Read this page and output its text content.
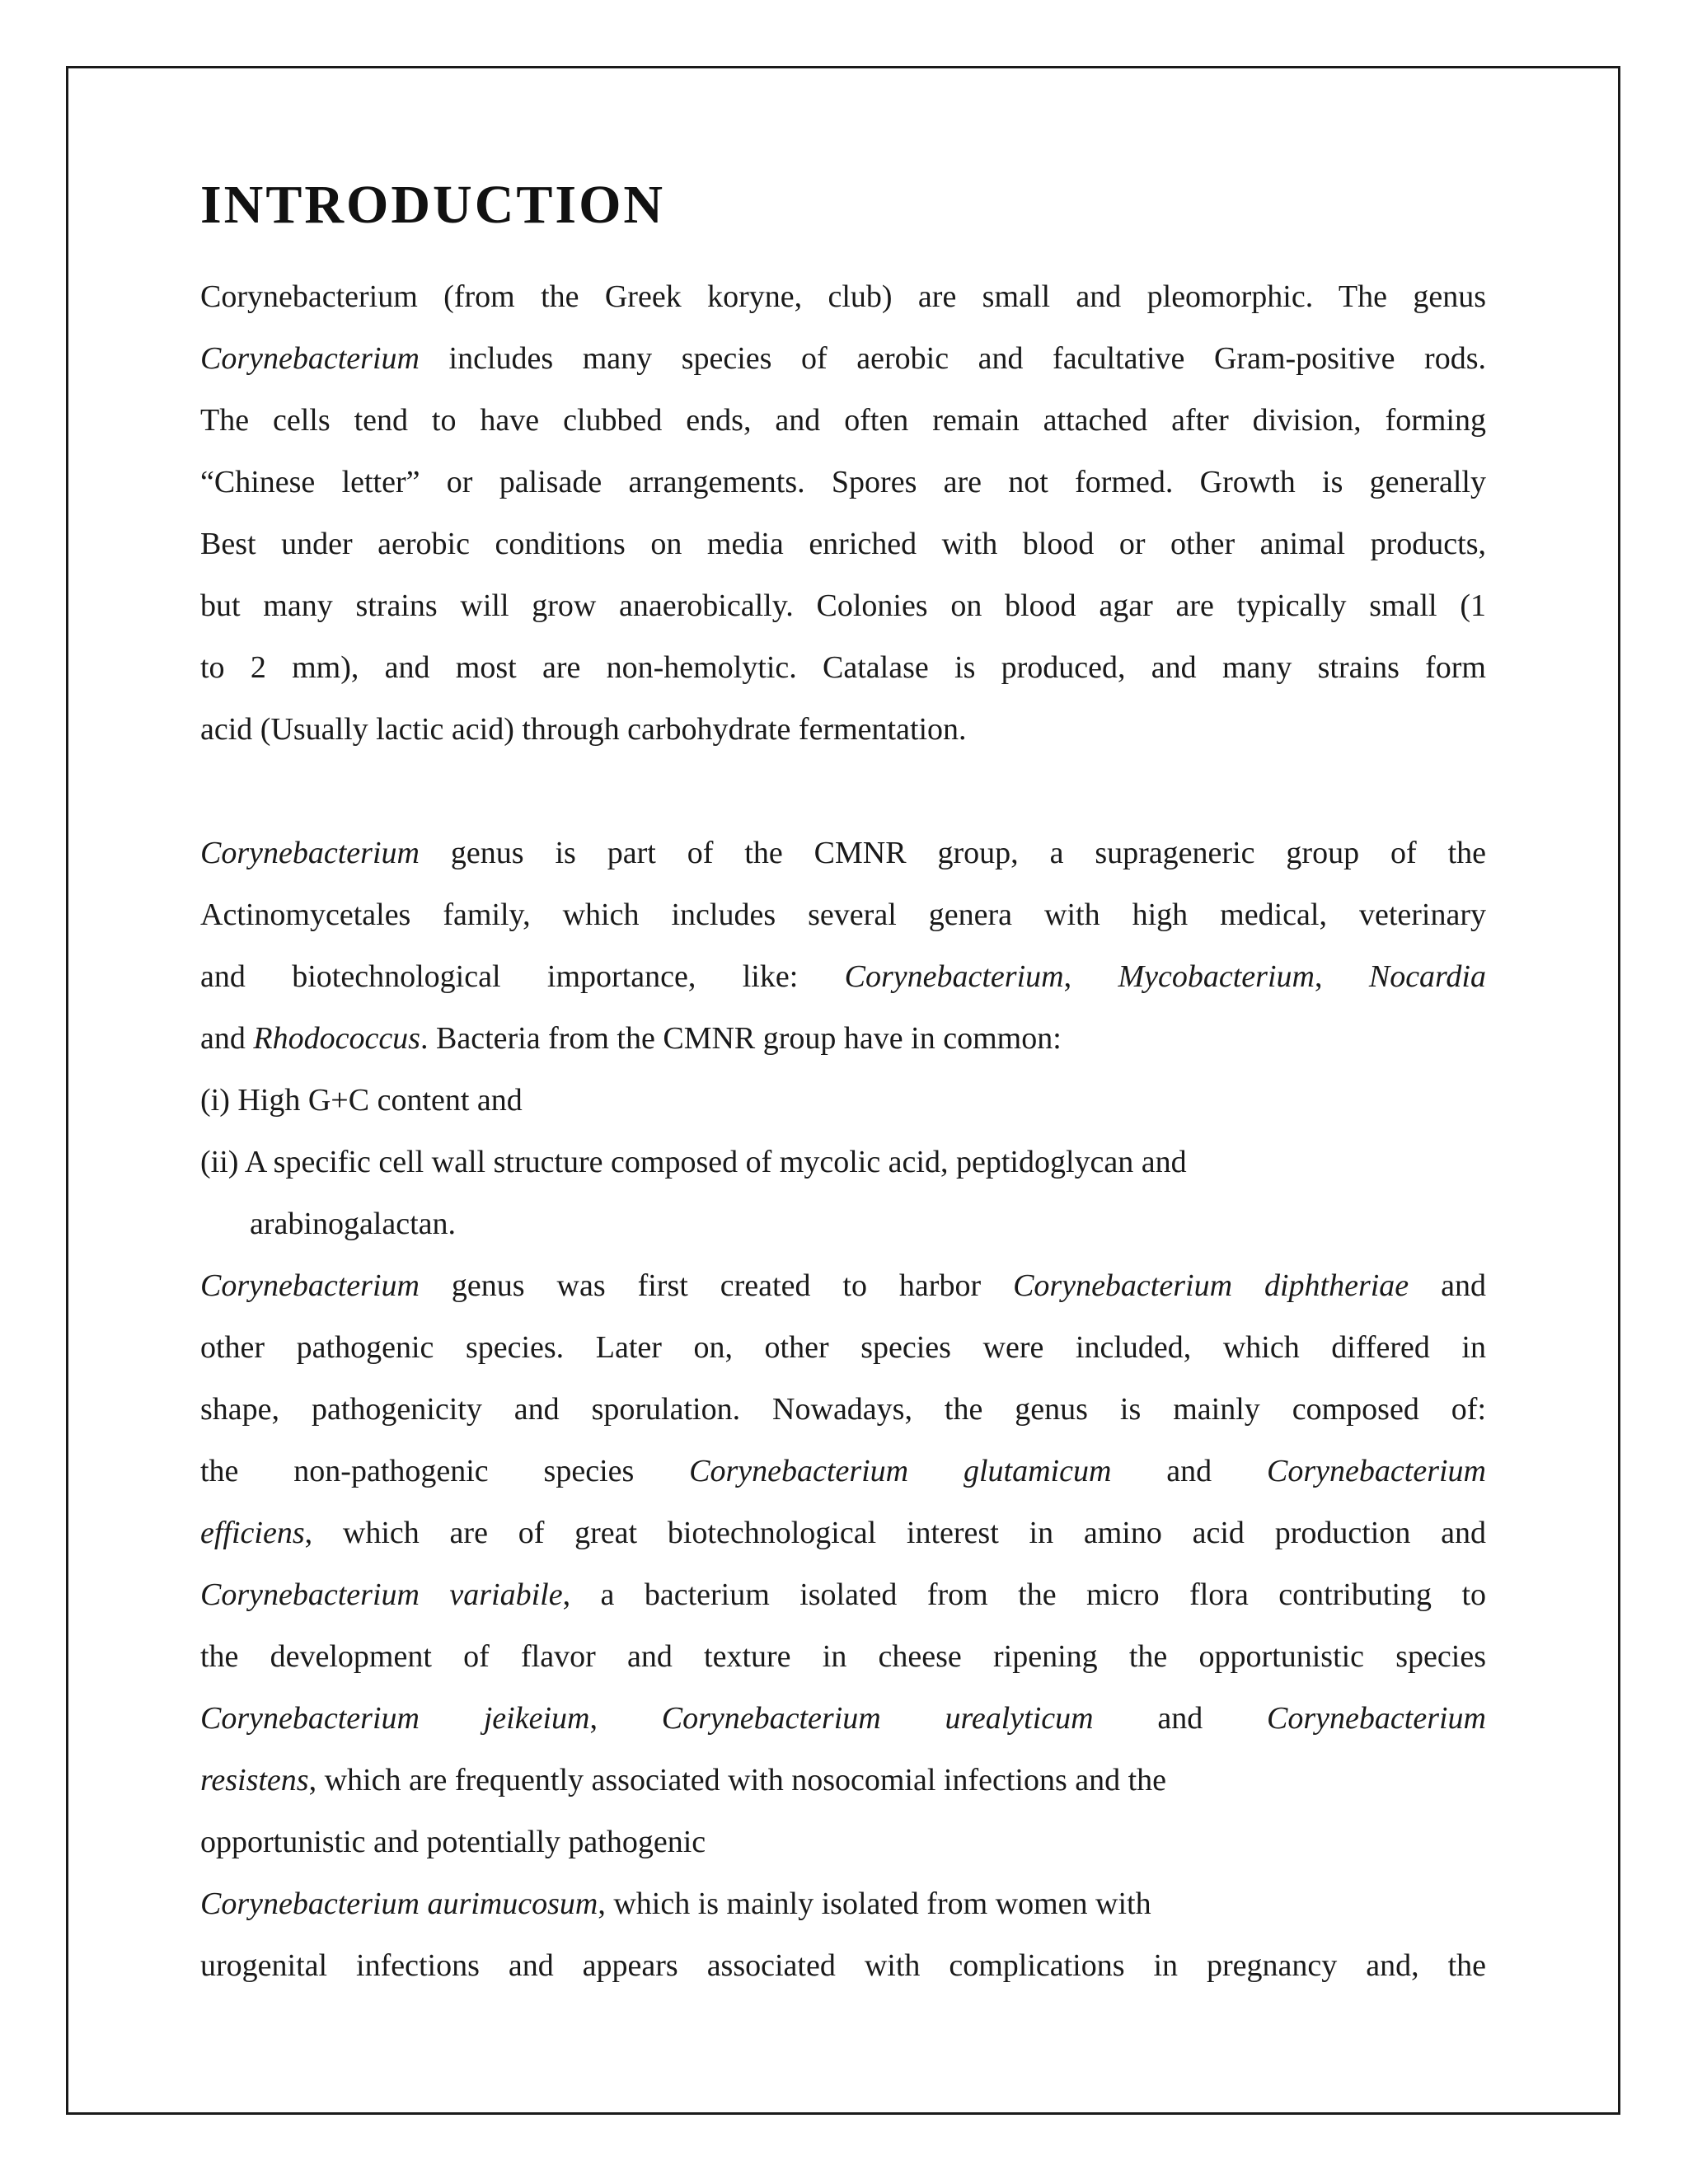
INTRODUCTION
Corynebacterium (from the Greek koryne, club) are small and pleomorphic. The genus
Corynebacterium includes many species of aerobic and facultative Gram-positive rods.
The cells tend to have clubbed ends, and often remain attached after division, forming
“Chinese letter” or palisade arrangements. Spores are not formed. Growth is generally
Best under aerobic conditions on media enriched with blood or other animal products,
but many strains will grow anaerobically. Colonies on blood agar are typically small (1
to 2 mm), and most are non-hemolytic. Catalase is produced, and many strains form
acid (Usually lactic acid) through carbohydrate fermentation.
Corynebacterium genus is part of the CMNR group, a suprageneric group of the
Actinomycetales family, which includes several genera with high medical, veterinary
and biotechnological importance, like: Corynebacterium, Mycobacterium, Nocardia
and Rhodococcus. Bacteria from the CMNR group have in common:
(i) High G+C content and
(ii) A specific cell wall structure composed of mycolic acid, peptidoglycan and
arabinogalactan.
Corynebacterium genus was first created to harbor Corynebacterium diphtheriae and
other pathogenic species. Later on, other species were included, which differed in
shape, pathogenicity and sporulation. Nowadays, the genus is mainly composed of:
the non-pathogenic species Corynebacterium glutamicum and Corynebacterium
efficiens, which are of great biotechnological interest in amino acid production and
Corynebacterium variabile, a bacterium isolated from the micro flora contributing to
the development of flavor and texture in cheese ripening the opportunistic species
Corynebacterium jeikeium, Corynebacterium urealyticum and Corynebacterium
resistens, which are frequently associated with nosocomial infections and the
opportunistic and potentially pathogenic
Corynebacterium aurimucosum, which is mainly isolated from women with
urogenital infections and appears associated with complications in pregnancy and, the
